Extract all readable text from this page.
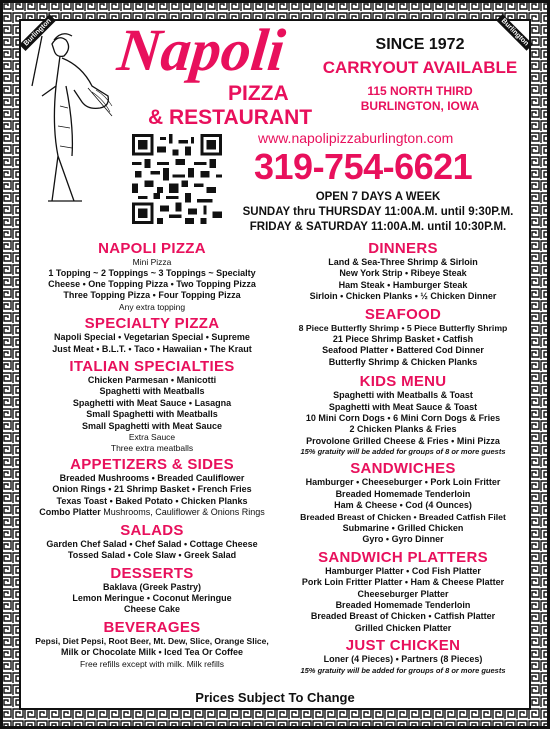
Burlington	Burlington
Napoli
PIZZA
& RESTAURANT
SINCE 1972
CARRYOUT AVAILABLE
115 NORTH THIRD
BURLINGTON, IOWA
www.napolipizzaburlington.com
319-754-6621
OPEN 7 DAYS A WEEK
SUNDAY thru THURSDAY 11:00A.M. until 9:30P.M.
FRIDAY & SATURDAY 11:00A.M. until 10:30P.M.
NAPOLI PIZZA
Mini Pizza
1 Topping ~ 2 Toppings ~ 3 Toppings ~ Specialty
Cheese • One Topping Pizza • Two Topping Pizza
Three Topping Pizza • Four Topping Pizza
Any extra topping
SPECIALTY PIZZA
Napoli Special • Vegetarian Special • Supreme
Just Meat • B.L.T. • Taco • Hawaiian • The Kraut
ITALIAN SPECIALTIES
Chicken Parmesan • Manicotti
Spaghetti with Meatballs
Spaghetti with Meat Sauce • Lasagna
Small Spaghetti with Meatballs
Small Spaghetti with Meat Sauce
Extra Sauce
Three extra meatballs
APPETIZERS & SIDES
Breaded Mushrooms • Breaded Cauliflower
Onion Rings • 21 Shrimp Basket • French Fries
Texas Toast • Baked Potato • Chicken Planks
Combo Platter Mushrooms, Cauliflower & Onions Rings
SALADS
Garden Chef Salad • Chef Salad • Cottage Cheese
Tossed Salad • Cole Slaw • Greek Salad
DESSERTS
Baklava (Greek Pastry)
Lemon Meringue • Coconut Meringue
Cheese Cake
BEVERAGES
Pepsi, Diet Pepsi, Root Beer, Mt. Dew, Slice, Orange Slice,
Milk or Chocolate Milk • Iced Tea Or Coffee
Free refills except with milk. Milk refills
DINNERS
Land & Sea-Three Shrimp & Sirloin
New York Strip • Ribeye Steak
Ham Steak • Hamburger Steak
Sirloin • Chicken Planks • ½ Chicken Dinner
SEAFOOD
8 Piece Butterfly Shrimp • 5 Piece Butterfly Shrimp
21 Piece Shrimp Basket • Catfish
Seafood Platter • Battered Cod Dinner
Butterfly Shrimp & Chicken Planks
KIDS MENU
Spaghetti with Meatballs & Toast
Spaghetti with Meat Sauce & Toast
10 Mini Corn Dogs • 6 Mini Corn Dogs & Fries
2 Chicken Planks & Fries
Provolone Grilled Cheese & Fries • Mini Pizza
15% gratuity will be added for groups of 8 or more guests
SANDWICHES
Hamburger • Cheeseburger • Pork Loin Fritter
Breaded Homemade Tenderloin
Ham & Cheese • Cod (4 Ounces)
Breaded Breast of Chicken • Breaded Catfish Filet
Submarine • Grilled Chicken
Gyro • Gyro Dinner
SANDWICH PLATTERS
Hamburger Platter • Cod Fish Platter
Pork Loin Fritter Platter • Ham & Cheese Platter
Cheeseburger Platter
Breaded Homemade Tenderloin
Breaded Breast of Chicken • Catfish Platter
Grilled Chicken Platter
JUST CHICKEN
Loner (4 Pieces) • Partners (8 Pieces)
15% gratuity will be added for groups of 8 or more guests
Prices Subject To Change
